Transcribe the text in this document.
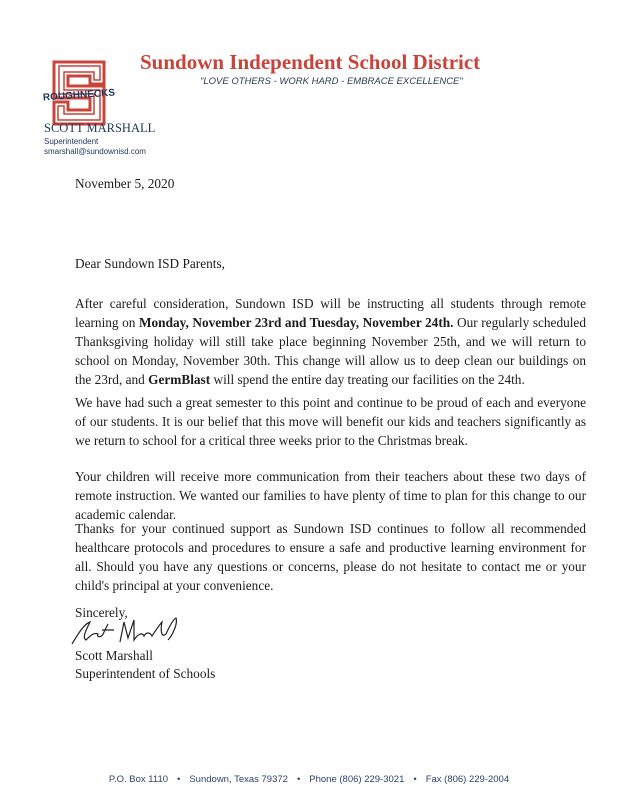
ROUGHNECKS
Sundown Independent School District
"LOVE OTHERS - WORK HARD - EMBRACE EXCELLENCE"
SCOTT MARSHALL
Superintendent
smarshall@sundownisd.com
November 5, 2020
Dear Sundown ISD Parents,
After careful consideration, Sundown ISD will be instructing all students through remote learning on Monday, November 23rd and Tuesday, November 24th. Our regularly scheduled Thanksgiving holiday will still take place beginning November 25th, and we will return to school on Monday, November 30th. This change will allow us to deep clean our buildings on the 23rd, and GermBlast will spend the entire day treating our facilities on the 24th.
We have had such a great semester to this point and continue to be proud of each and everyone of our students. It is our belief that this move will benefit our kids and teachers significantly as we return to school for a critical three weeks prior to the Christmas break.
Your children will receive more communication from their teachers about these two days of remote instruction. We wanted our families to have plenty of time to plan for this change to our academic calendar.
Thanks for your continued support as Sundown ISD continues to follow all recommended healthcare protocols and procedures to ensure a safe and productive learning environment for all. Should you have any questions or concerns, please do not hesitate to contact me or your child's principal at your convenience.
Sincerely,
Scott Marshall
Superintendent of Schools
P.O. Box 1110 • Sundown, Texas 79372 • Phone (806) 229-3021 • Fax (806) 229-2004
